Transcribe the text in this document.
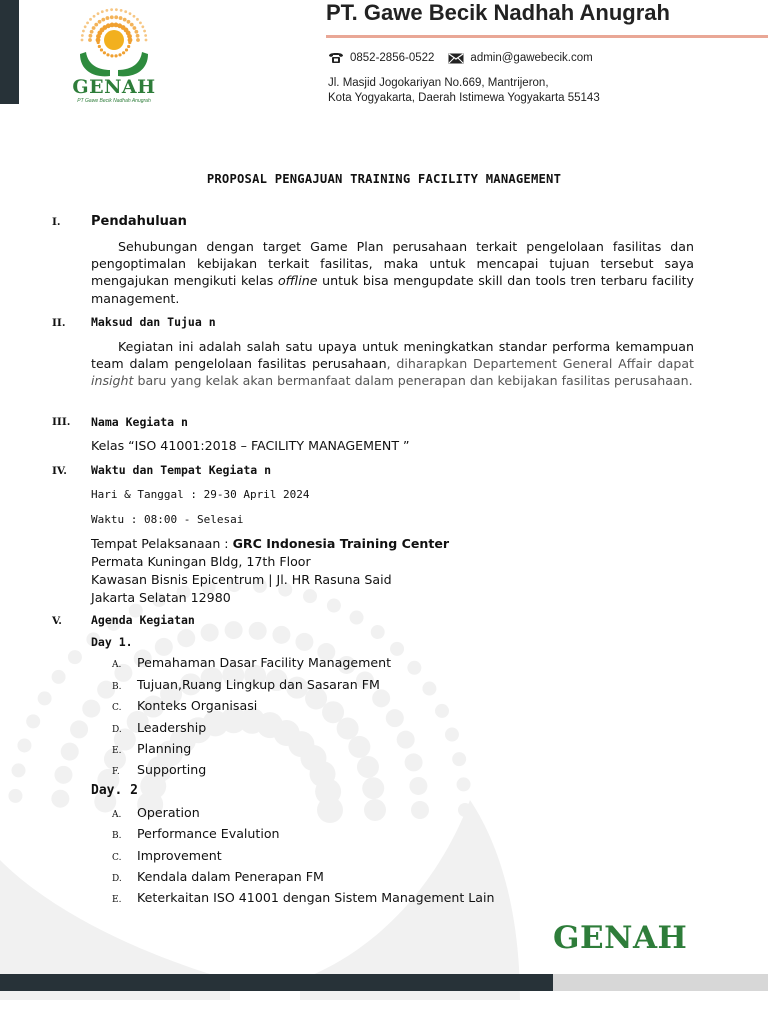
GENAH
PT Gawe Becik Nadhah Anugrah
PT. Gawe Becik Nadhah Anugrah
0852-2856-0522	admin@gawebecik.com
Jl. Masjid Jogokariyan No.669, Mantrijeron,
Kota Yogyakarta, Daerah Istimewa Yogyakarta 55143
PROPOSAL PENGAJUAN TRAINING FACILITY MANAGEMENT
I. Pendahuluan
Sehubungan dengan target Game Plan perusahaan terkait pengelolaan fasilitas dan pengoptimalan kebijakan terkait fasilitas, maka untuk mencapai tujuan tersebut saya mengajukan mengikuti kelas offline untuk bisa mengupdate skill dan tools tren terbaru facility management.
II. Maksud dan Tujua n
Kegiatan ini adalah salah satu upaya untuk meningkatkan standar performa kemampuan team dalam pengelolaan fasilitas perusahaan, diharapkan Departement General Affair dapat insight baru yang kelak akan bermanfaat dalam penerapan dan kebijakan fasilitas perusahaan.
III. Nama Kegiata n
Kelas “ISO 41001:2018 – FACILITY MANAGEMENT ”
IV. Waktu dan Tempat Kegiata n
Hari & Tanggal : 29-30 April 2024
Waktu : 08:00 - Selesai
Tempat Pelaksanaan : GRC Indonesia Training Center
Permata Kuningan Bldg, 17th Floor
Kawasan Bisnis Epicentrum | Jl. HR Rasuna Said
Jakarta Selatan 12980
V.	Agenda Kegiatan
Day 1.
A.	Pemahaman Dasar Facility Management
B.	Tujuan,Ruang Lingkup dan Sasaran FM
C.	Konteks Organisasi
D.	Leadership
E.	Planning
F.	Supporting
Day. 2
A.	Operation
B.	Performance Evalution
C.	Improvement
D.	Kendala dalam Penerapan FM
E.	Keterkaitan ISO 41001 dengan Sistem Management Lain
GENAH
